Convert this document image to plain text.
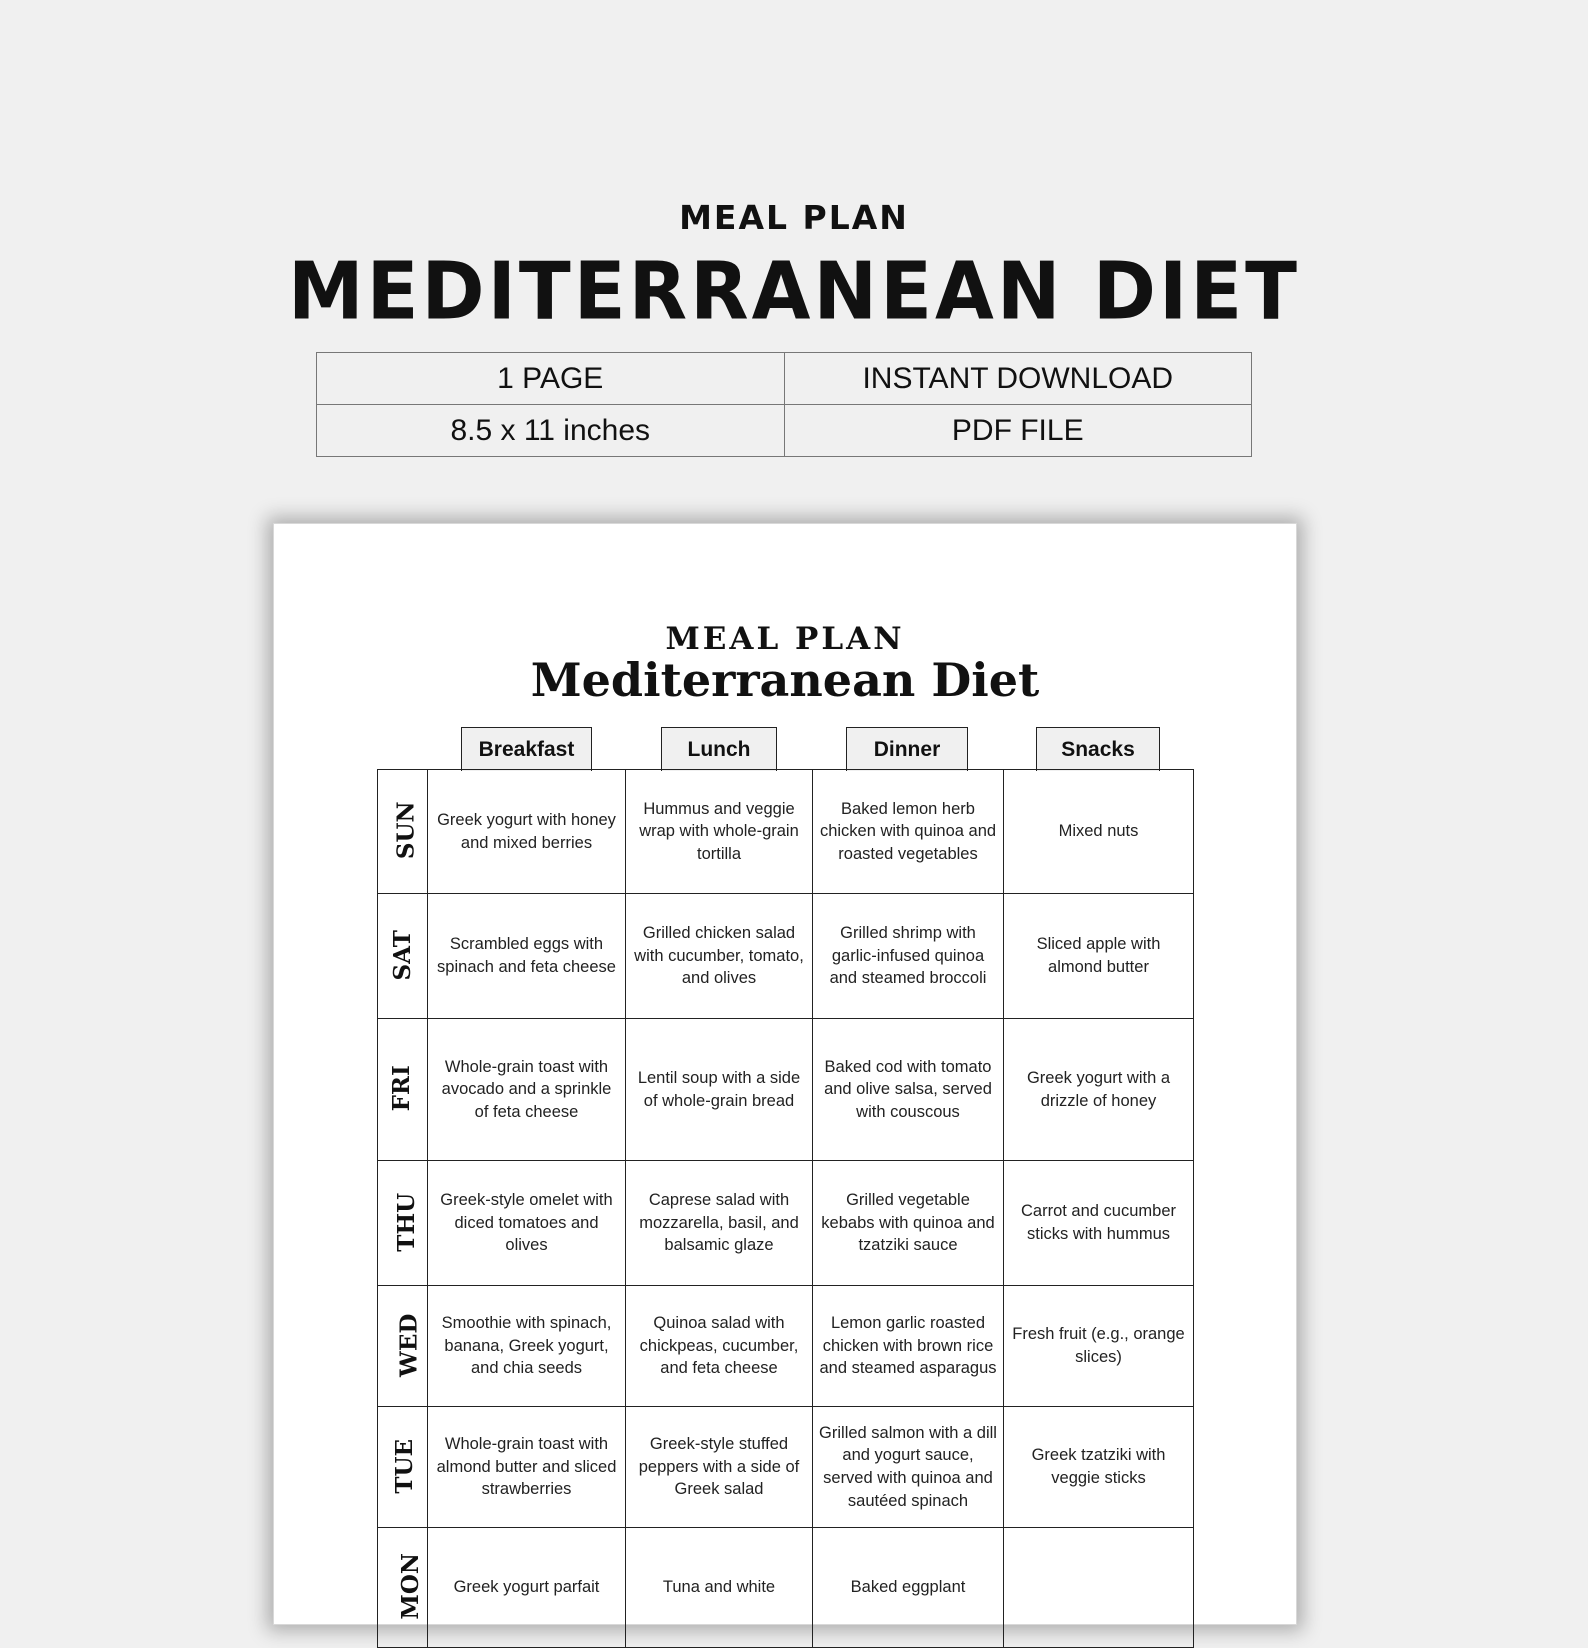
MEAL PLAN
MEDITERRANEAN DIET
1 PAGE	INSTANT DOWNLOAD
8.5 x 11 inches	PDF FILE
MEAL PLAN
Mediterranean Diet
Breakfast	Lunch	Dinner	Snacks
SUN	Greek yogurt with honey and mixed berries	Hummus and veggie wrap with whole-grain tortilla	Baked lemon herb chicken with quinoa and roasted vegetables	Mixed nuts
SAT	Scrambled eggs with spinach and feta cheese	Grilled chicken salad with cucumber, tomato, and olives	Grilled shrimp with garlic-infused quinoa and steamed broccoli	Sliced apple with almond butter
FRI	Whole-grain toast with avocado and a sprinkle of feta cheese	Lentil soup with a side of whole-grain bread	Baked cod with tomato and olive salsa, served with couscous	Greek yogurt with a drizzle of honey
THU	Greek-style omelet with diced tomatoes and olives	Caprese salad with mozzarella, basil, and balsamic glaze	Grilled vegetable kebabs with quinoa and tzatziki sauce	Carrot and cucumber sticks with hummus
WED	Smoothie with spinach, banana, Greek yogurt, and chia seeds	Quinoa salad with chickpeas, cucumber, and feta cheese	Lemon garlic roasted chicken with brown rice and steamed asparagus	Fresh fruit (e.g., orange slices)
TUE	Whole-grain toast with almond butter and sliced strawberries	Greek-style stuffed peppers with a side of Greek salad	Grilled salmon with a dill and yogurt sauce, served with quinoa and sautéed spinach	Greek tzatziki with veggie sticks
MON	Greek yogurt parfait	Tuna and white	Baked eggplant	
